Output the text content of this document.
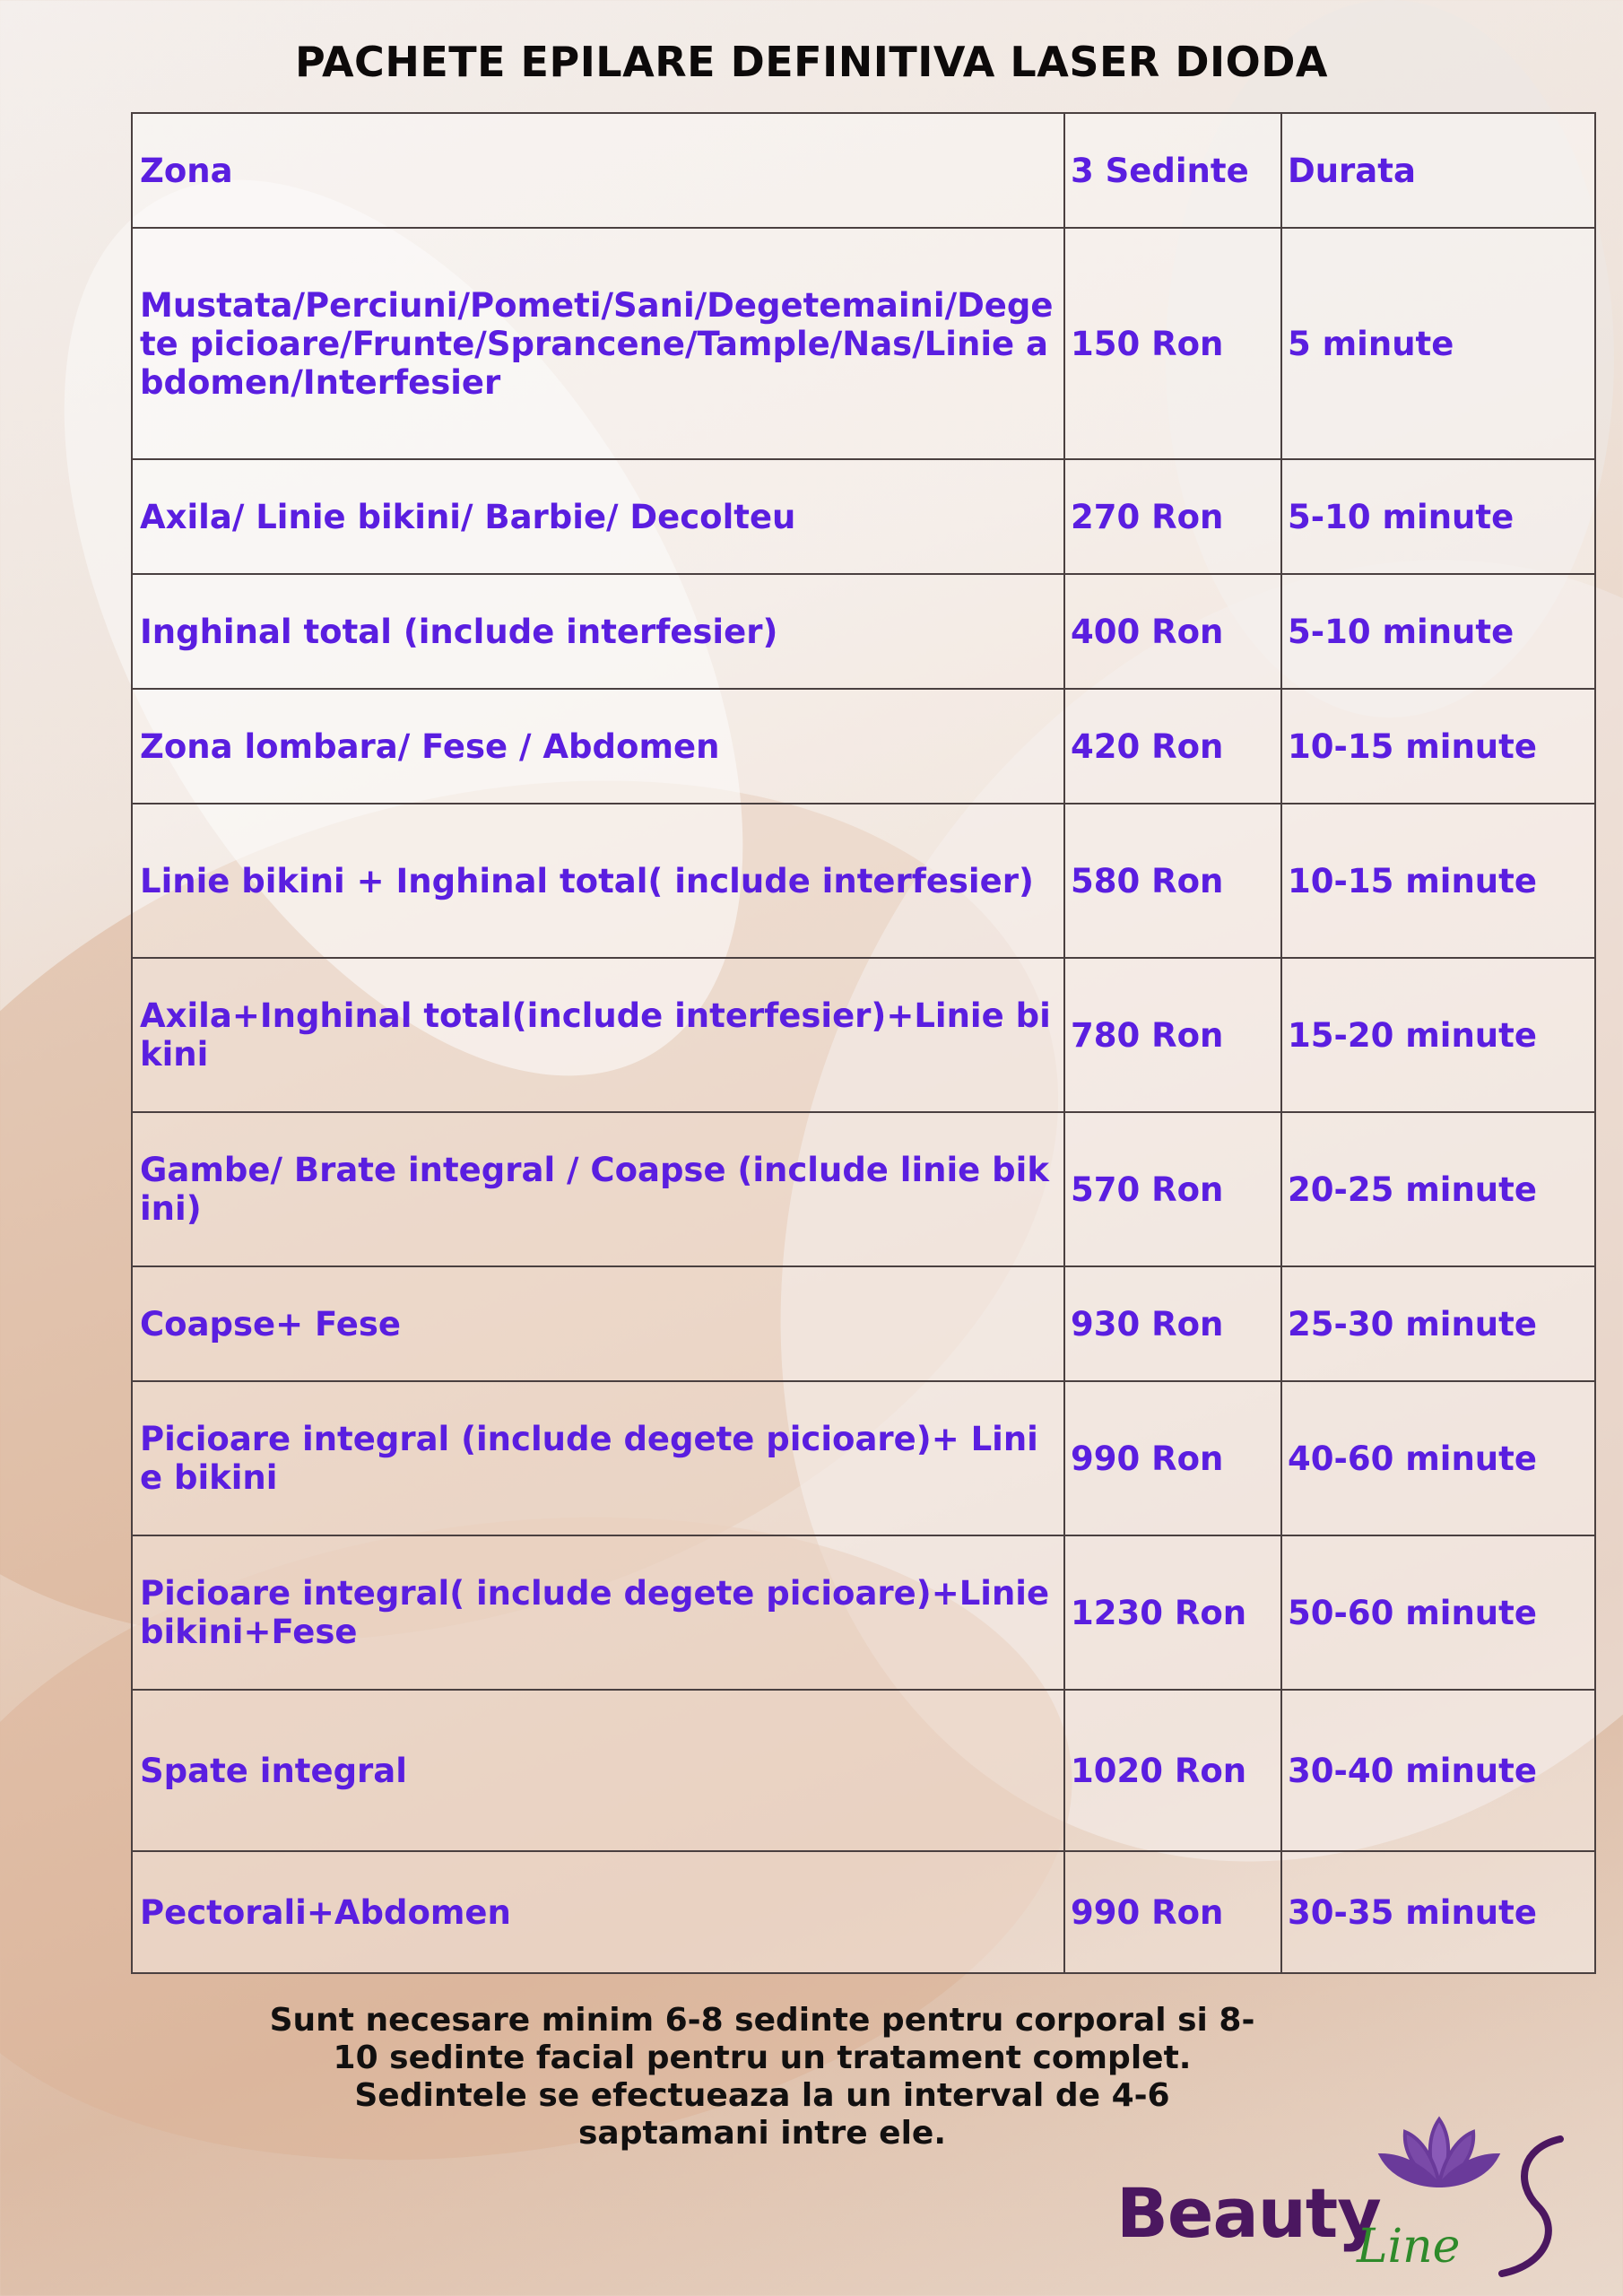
PACHETE EPILARE DEFINITIVA LASER DIODA
Zona	3 Sedinte	Durata
Mustata/Perciuni/Pometi/Sani/Degetemaini/Degete picioare/Frunte/Sprancene/Tample/Nas/Linie abdomen/Interfesier	150 Ron	5 minute
Axila/ Linie bikini/ Barbie/ Decolteu	270 Ron	5-10 minute
Inghinal total (include interfesier)	400 Ron	5-10 minute
Zona lombara/ Fese / Abdomen	420 Ron	10-15 minute
Linie bikini + Inghinal total( include interfesier)	580 Ron	10-15 minute
Axila+Inghinal total(include interfesier)+Linie bikini	780 Ron	15-20 minute
Gambe/ Brate integral / Coapse (include linie bikini)	570 Ron	20-25 minute
Coapse+ Fese	930 Ron	25-30 minute
Picioare integral (include degete picioare)+ Linie bikini	990 Ron	40-60 minute
Picioare integral( include degete picioare)+Linie bikini+Fese	1230 Ron	50-60 minute
Spate integral	1020 Ron	30-40 minute
Pectorali+Abdomen	990 Ron	30-35 minute
Sunt necesare minim 6-8 sedinte pentru corporal si 8-
10 sedinte facial pentru un tratament complet.
Sedintele se efectueaza la un interval de 4-6
saptamani intre ele.
Beauty
Line
